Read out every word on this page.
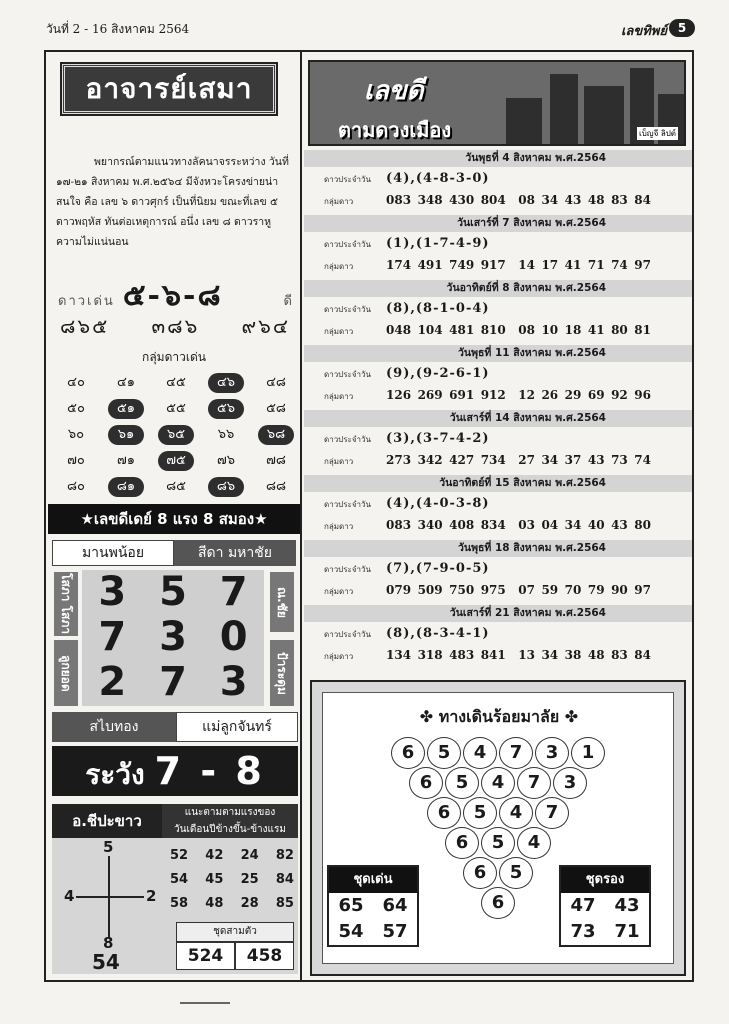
วันที่ 2 - 16 สิงหาคม 2564	เลขทิพย์ 5
อาจารย์เสมา

พยากรณ์ตามแนวทางลัคนาจรระหว่าง วันที่ ๑๗-๒๑ สิงหาคม พ.ศ.๒๕๖๔ มีจังหวะโครงข่ายน่าสนใจ คือ เลข ๖ ดาวศุกร์ เป็นที่นิยม ขณะที่เลข ๕ ดาวพฤหัส ทันต่อเหตุการณ์ อนึ่ง เลข ๘ ดาวราหู ความไม่แน่นอน

ดาวเด่น ๕-๖-๘	ดี
๘๖๕ ๓๘๖ ๙๖๔
กลุ่มดาวเด่น
๔๐	๔๑	๔๕	๔๖	๔๘
๕๐	๕๑	๕๕	๕๖	๕๘
๖๐	๖๑	๖๕	๖๖	๖๘
๗๐	๗๑	๗๕	๗๖	๗๘
๘๐	๘๑	๘๕	๘๖	๘๘
★เลขดีเดย์ 8 แรง 8 สมอง★
มานพน้อย	สีดา มหาชัย
โสภา โสภา
ลูกยอด
ณ.ชัย
ป้าระดุม
3 5 7
7 3 0
2 7 3
สไบทอง	แม่ลูกจันทร์
ระวัง 7 - 8
อ.ชีปะขาว	แนะตามตามแรงของ
วันเดือนปีข้างขึ้น-ข้างแรม
5
4	2
8
54
52 42 24 82
54 45 25 84
58 48 28 85
ชุดสามตัว
524	458
เลขดี
ตามดวงเมือง	เบ็ญจี ลิปต์
วันพุธที่ 4 สิงหาคม พ.ศ.2564
ดาวประจำวัน	(4),(4-8-3-0)
กลุ่มดาว	083 348 430 804 08 34 43 48 83 84
วันเสาร์ที่ 7 สิงหาคม พ.ศ.2564
ดาวประจำวัน	(1),(1-7-4-9)
กลุ่มดาว	174 491 749 917 14 17 41 71 74 97
วันอาทิตย์ที่ 8 สิงหาคม พ.ศ.2564
ดาวประจำวัน	(8),(8-1-0-4)
กลุ่มดาว	048 104 481 810 08 10 18 41 80 81
วันพุธที่ 11 สิงหาคม พ.ศ.2564
ดาวประจำวัน	(9),(9-2-6-1)
กลุ่มดาว	126 269 691 912 12 26 29 69 92 96
วันเสาร์ที่ 14 สิงหาคม พ.ศ.2564
ดาวประจำวัน	(3),(3-7-4-2)
กลุ่มดาว	273 342 427 734 27 34 37 43 73 74
วันอาทิตย์ที่ 15 สิงหาคม พ.ศ.2564
ดาวประจำวัน	(4),(4-0-3-8)
กลุ่มดาว	083 340 408 834 03 04 34 40 43 80
วันพุธที่ 18 สิงหาคม พ.ศ.2564
ดาวประจำวัน	(7),(7-9-0-5)
กลุ่มดาว	079 509 750 975 07 59 70 79 90 97
วันเสาร์ที่ 21 สิงหาคม พ.ศ.2564
ดาวประจำวัน	(8),(8-3-4-1)
กลุ่มดาว	134 318 483 841 13 34 38 48 83 84
✤ ทางเดินร้อยมาลัย ✤
ชุดเด่น
65 64
54 57
ชุดรอง
47 43
73 71
6	5	4	7	3	1
6	5	4	7	3
6	5	4	7
6	5	4
6	5
6
